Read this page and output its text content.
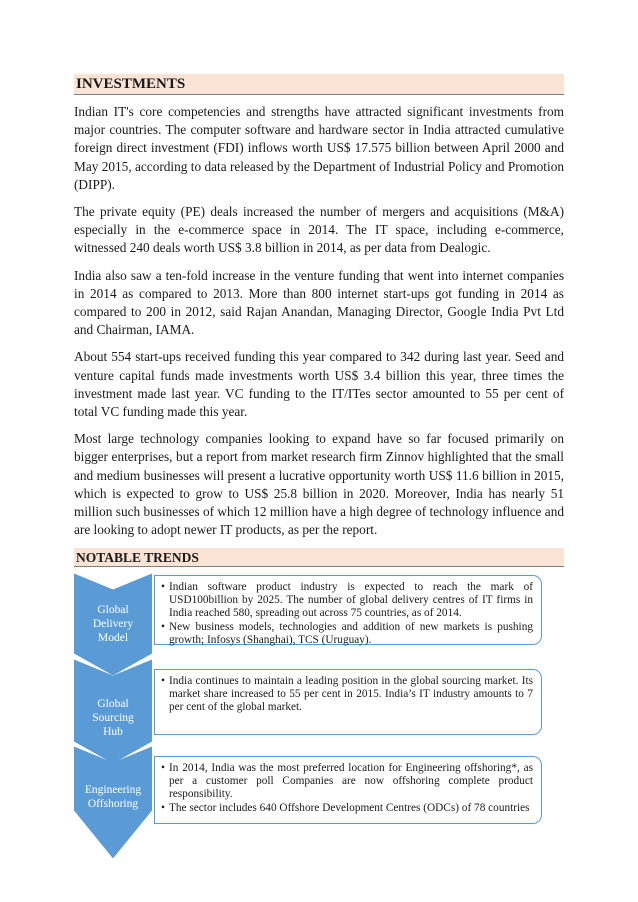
INVESTMENTS

Indian IT's core competencies and strengths have attracted significant investments from major countries. The computer software and hardware sector in India attracted cumulative foreign direct investment (FDI) inflows worth US$ 17.575 billion between April 2000 and May 2015, according to data released by the Department of Industrial Policy and Promotion (DIPP).

The private equity (PE) deals increased the number of mergers and acquisitions (M&A) especially in the e-commerce space in 2014. The IT space, including e-commerce, witnessed 240 deals worth US$ 3.8 billion in 2014, as per data from Dealogic.

India also saw a ten-fold increase in the venture funding that went into internet companies in 2014 as compared to 2013. More than 800 internet start-ups got funding in 2014 as compared to 200 in 2012, said Rajan Anandan, Managing Director, Google India Pvt Ltd and Chairman, IAMA.

About 554 start-ups received funding this year compared to 342 during last year. Seed and venture capital funds made investments worth US$ 3.4 billion this year, three times the investment made last year. VC funding to the IT/ITes sector amounted to 55 per cent of total VC funding made this year.

Most large technology companies looking to expand have so far focused primarily on bigger enterprises, but a report from market research firm Zinnov highlighted that the small and medium businesses will present a lucrative opportunity worth US$ 11.6 billion in 2015, which is expected to grow to US$ 25.8 billion in 2020. Moreover, India has nearly 51 million such businesses of which 12 million have a high degree of technology influence and are looking to adopt newer IT products, as per the report.

NOTABLE TRENDS
Global Delivery Model
• Indian software product industry is expected to reach the mark of USD100billion by 2025. The number of global delivery centres of IT firms in India reached 580, spreading out across 75 countries, as of 2014.
• New business models, technologies and addition of new markets is pushing growth; Infosys (Shanghai), TCS (Uruguay).
Global Sourcing Hub
• India continues to maintain a leading position in the global sourcing market. Its market share increased to 55 per cent in 2015. India’s IT industry amounts to 7 per cent of the global market.
Engineering Offshoring
• In 2014, India was the most preferred location for Engineering offshoring*, as per a customer poll Companies are now offshoring complete product responsibility.
• The sector includes 640 Offshore Development Centres (ODCs) of 78 countries
